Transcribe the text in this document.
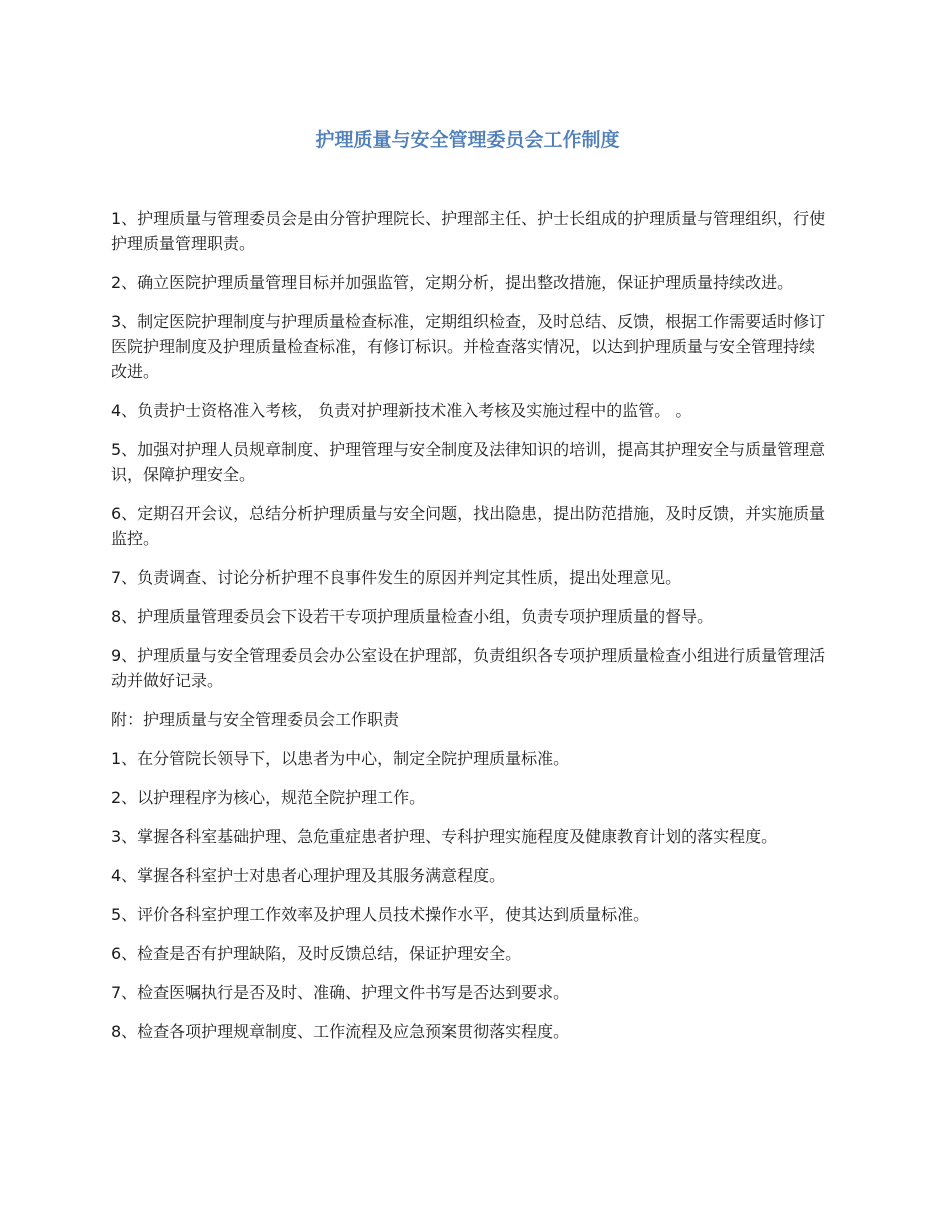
护理质量与安全管理委员会工作制度

1、护理质量与管理委员会是由分管护理院长、护理部主任、护士长组成的护理质量与管理组织，行使护理质量管理职责。

2、确立医院护理质量管理目标并加强监管，定期分析，提出整改措施，保证护理质量持续改进。

3、制定医院护理制度与护理质量检查标准，定期组织检查，及时总结、反馈，根据工作需要适时修订医院护理制度及护理质量检查标准，有修订标识。并检查落实情况，以达到护理质量与安全管理持续改进。

4、负责护士资格准入考核， 负责对护理新技术准入考核及实施过程中的监管。 。

5、加强对护理人员规章制度、护理管理与安全制度及法律知识的培训，提高其护理安全与质量管理意识，保障护理安全。

6、定期召开会议，总结分析护理质量与安全问题，找出隐患，提出防范措施，及时反馈，并实施质量监控。

7、负责调查、讨论分析护理不良事件发生的原因并判定其性质，提出处理意见。

8、护理质量管理委员会下设若干专项护理质量检查小组，负责专项护理质量的督导。

9、护理质量与安全管理委员会办公室设在护理部，负责组织各专项护理质量检查小组进行质量管理活动并做好记录。

附：护理质量与安全管理委员会工作职责

1、在分管院长领导下，以患者为中心，制定全院护理质量标准。

2、以护理程序为核心，规范全院护理工作。

3、掌握各科室基础护理、急危重症患者护理、专科护理实施程度及健康教育计划的落实程度。

4、掌握各科室护士对患者心理护理及其服务满意程度。

5、评价各科室护理工作效率及护理人员技术操作水平，使其达到质量标准。

6、检查是否有护理缺陷，及时反馈总结，保证护理安全。

7、检查医嘱执行是否及时、准确、护理文件书写是否达到要求。

8、检查各项护理规章制度、工作流程及应急预案贯彻落实程度。
